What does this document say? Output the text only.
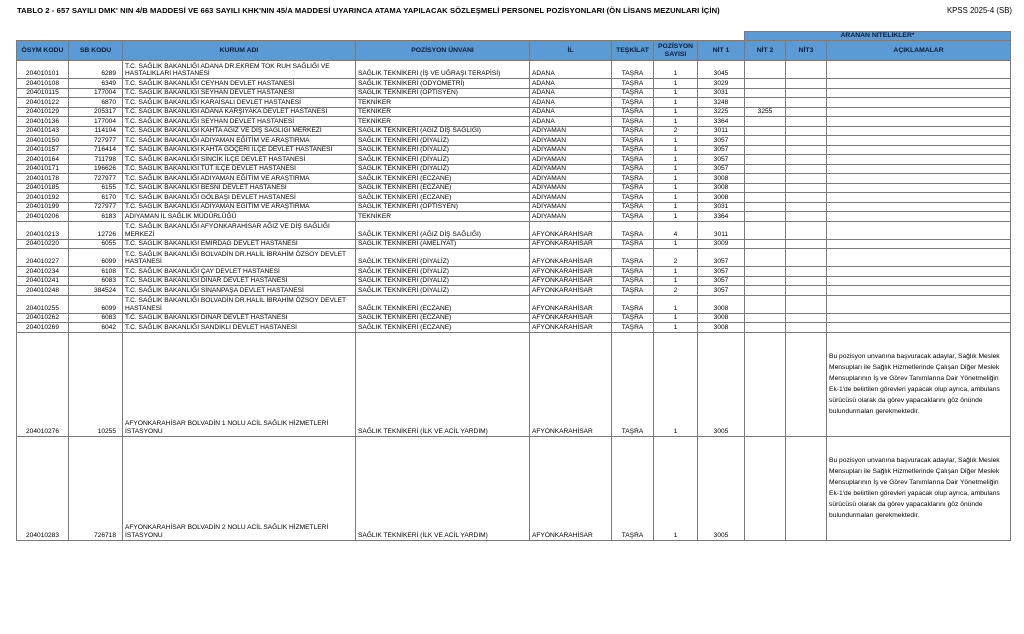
TABLO 2 - 657 SAYILI DMK' NIN 4/B MADDESİ VE 663 SAYILI KHK'NIN 45/A MADDESİ UYARINCA ATAMA YAPILACAK SÖZLEŞMELİ PERSONEL POZİSYONLARI (ÖN LİSANS MEZUNLARI İÇİN)	KPSS 2025-4 (SB)
								ARANAN NİTELİKLER*			
ÖSYM KODU	SB KODU	KURUM ADI	POZİSYON ÜNVANI	İL	TEŞKİLAT	POZİSYON SAYISI	NİT 1	NİT 2	NİT3	AÇIKLAMALAR	
204010101	6289	T.C. SAĞLIK BAKANLIĞI ADANA DR.EKREM TOK RUH SAĞLIĞI VE HASTALIKLARI HASTANESİ	SAĞLIK TEKNİKERİ (İŞ VE UĞRAŞI TERAPİSİ)	ADANA	TAŞRA	1	3045				
204010108	6349	T.C. SAĞLIK BAKANLIĞI CEYHAN DEVLET HASTANESİ	SAĞLIK TEKNİKERİ (ODYOMETRİ)	ADANA	TAŞRA	1	3029				
204010115	177004	T.C. SAĞLIK BAKANLIĞI SEYHAN DEVLET HASTANESİ	SAĞLIK TEKNİKERİ (OPTİSYEN)	ADANA	TAŞRA	1	3031				
204010122	6870	T.C. SAĞLIK BAKANLIĞI KARAİSALI DEVLET HASTANESİ	TEKNİKER	ADANA	TAŞRA	1	3248				
204010129	205317	T.C. SAĞLIK BAKANLIĞI ADANA KARŞIYAKA DEVLET HASTANESİ	TEKNİKER	ADANA	TAŞRA	1	3225	3255			
204010136	177004	T.C. SAĞLIK BAKANLIĞI SEYHAN DEVLET HASTANESİ	TEKNİKER	ADANA	TAŞRA	1	3364				
204010143	114104	T.C. SAĞLIK BAKANLIĞI KAHTA AĞIZ VE DİŞ SAĞLIĞI MERKEZİ	SAĞLIK TEKNİKERİ (AĞIZ DİŞ SAĞLIĞI)	ADIYAMAN	TAŞRA	2	3011				
204010150	727977	T.C. SAĞLIK BAKANLIĞI ADIYAMAN EĞİTİM VE ARAŞTIRMA	SAĞLIK TEKNİKERİ (DİYALİZ)	ADIYAMAN	TAŞRA	1	3057				
204010157	716414	T.C. SAĞLIK BAKANLIĞI KAHTA GÖÇERİ İLÇE DEVLET HASTANESİ	SAĞLIK TEKNİKERİ (DİYALİZ)	ADIYAMAN	TAŞRA	1	3057				
204010164	711798	T.C. SAĞLIK BAKANLIĞI SİNCİK İLÇE DEVLET HASTANESİ	SAĞLIK TEKNİKERİ (DİYALİZ)	ADIYAMAN	TAŞRA	1	3057				
204010171	196626	T.C. SAĞLIK BAKANLIĞI TUT İLÇE DEVLET HASTANESİ	SAĞLIK TEKNİKERİ (DİYALİZ)	ADIYAMAN	TAŞRA	1	3057				
204010178	727977	T.C. SAĞLIK BAKANLIĞI ADIYAMAN EĞİTİM VE ARAŞTIRMA	SAĞLIK TEKNİKERİ (ECZANE)	ADIYAMAN	TAŞRA	1	3008				
204010185	6155	T.C. SAĞLIK BAKANLIĞI BESNİ DEVLET HASTANESİ	SAĞLIK TEKNİKERİ (ECZANE)	ADIYAMAN	TAŞRA	1	3008				
204010192	6170	T.C. SAĞLIK BAKANLIĞI GÖLBAŞI DEVLET HASTANESİ	SAĞLIK TEKNİKERİ (ECZANE)	ADIYAMAN	TAŞRA	1	3008				
204010199	727977	T.C. SAĞLIK BAKANLIĞI ADIYAMAN EĞİTİM VE ARAŞTIRMA	SAĞLIK TEKNİKERİ (OPTİSYEN)	ADIYAMAN	TAŞRA	1	3031				
204010206	6183	ADIYAMAN İL SAĞLIK MÜDÜRLÜĞÜ	TEKNİKER	ADIYAMAN	TAŞRA	1	3364				
204010213	12726	T.C. SAĞLIK BAKANLIĞI AFYONKARAHİSAR AĞIZ VE DİŞ SAĞLIĞI MERKEZİ	SAĞLIK TEKNİKERİ (AĞIZ DİŞ SAĞLIĞI)	AFYONKARAHİSAR	TAŞRA	4	3011				
204010220	6055	T.C. SAĞLIK BAKANLIĞI EMİRDAĞ DEVLET HASTANESİ	SAĞLIK TEKNİKERİ (AMELİYAT)	AFYONKARAHİSAR	TAŞRA	1	3009				
204010227	6099	T.C. SAĞLIK BAKANLIĞI BOLVADİN DR.HALİL İBRAHİM ÖZSOY DEVLET HASTANESİ	SAĞLIK TEKNİKERİ (DİYALİZ)	AFYONKARAHİSAR	TAŞRA	2	3057				
204010234	6108	T.C. SAĞLIK BAKANLIĞI ÇAY DEVLET HASTANESİ	SAĞLIK TEKNİKERİ (DİYALİZ)	AFYONKARAHİSAR	TAŞRA	1	3057				
204010241	6083	T.C. SAĞLIK BAKANLIĞI DİNAR DEVLET HASTANESİ	SAĞLIK TEKNİKERİ (DİYALİZ)	AFYONKARAHİSAR	TAŞRA	1	3057				
204010248	384524	T.C. SAĞLIK BAKANLIĞI SİNANPAŞA DEVLET HASTANESİ	SAĞLIK TEKNİKERİ (DİYALİZ)	AFYONKARAHİSAR	TAŞRA	2	3057				
204010255	6099	T.C. SAĞLIK BAKANLIĞI BOLVADİN DR.HALİL İBRAHİM ÖZSOY DEVLET HASTANESİ	SAĞLIK TEKNİKERİ (ECZANE)	AFYONKARAHİSAR	TAŞRA	1	3008				
204010262	6083	T.C. SAĞLIK BAKANLIĞI DİNAR DEVLET HASTANESİ	SAĞLIK TEKNİKERİ (ECZANE)	AFYONKARAHİSAR	TAŞRA	1	3008				
204010269	6042	T.C. SAĞLIK BAKANLIĞI SANDIKLI DEVLET HASTANESİ	SAĞLIK TEKNİKERİ (ECZANE)	AFYONKARAHİSAR	TAŞRA	1	3008				
204010276	10255	AFYONKARAHİSAR BOLVADİN 1 NOLU ACİL SAĞLIK HİZMETLERİ İSTASYONU	SAĞLIK TEKNİKERİ (İLK VE ACİL YARDIM)	AFYONKARAHİSAR	TAŞRA	1	3005			Bu pozisyon unvanına başvuracak adaylar, Sağlık Meslek Mensupları ile Sağlık Hizmetlerinde Çalışan Diğer Meslek Mensuplarının İş ve Görev Tanımlarına Dair Yönetmeliğin Ek-1'de belirtilen görevleri yapacak olup ayrıca, ambulans sürücüsü olarak da görev yapacaklarını göz önünde bulundurmaları gerekmektedir.	
204010283	726718	AFYONKARAHİSAR BOLVADİN 2 NOLU ACİL SAĞLIK HİZMETLERİ İSTASYONU	SAĞLIK TEKNİKERİ (İLK VE ACİL YARDIM)	AFYONKARAHİSAR	TAŞRA	1	3005			Bu pozisyon unvanına başvuracak adaylar, Sağlık Meslek Mensupları ile Sağlık Hizmetlerinde Çalışan Diğer Meslek Mensuplarının İş ve Görev Tanımlarına Dair Yönetmeliğin Ek-1'de belirtilen görevleri yapacak olup ayrıca, ambulans sürücüsü olarak da görev yapacaklarını göz önünde bulundurmaları gerekmektedir.	
